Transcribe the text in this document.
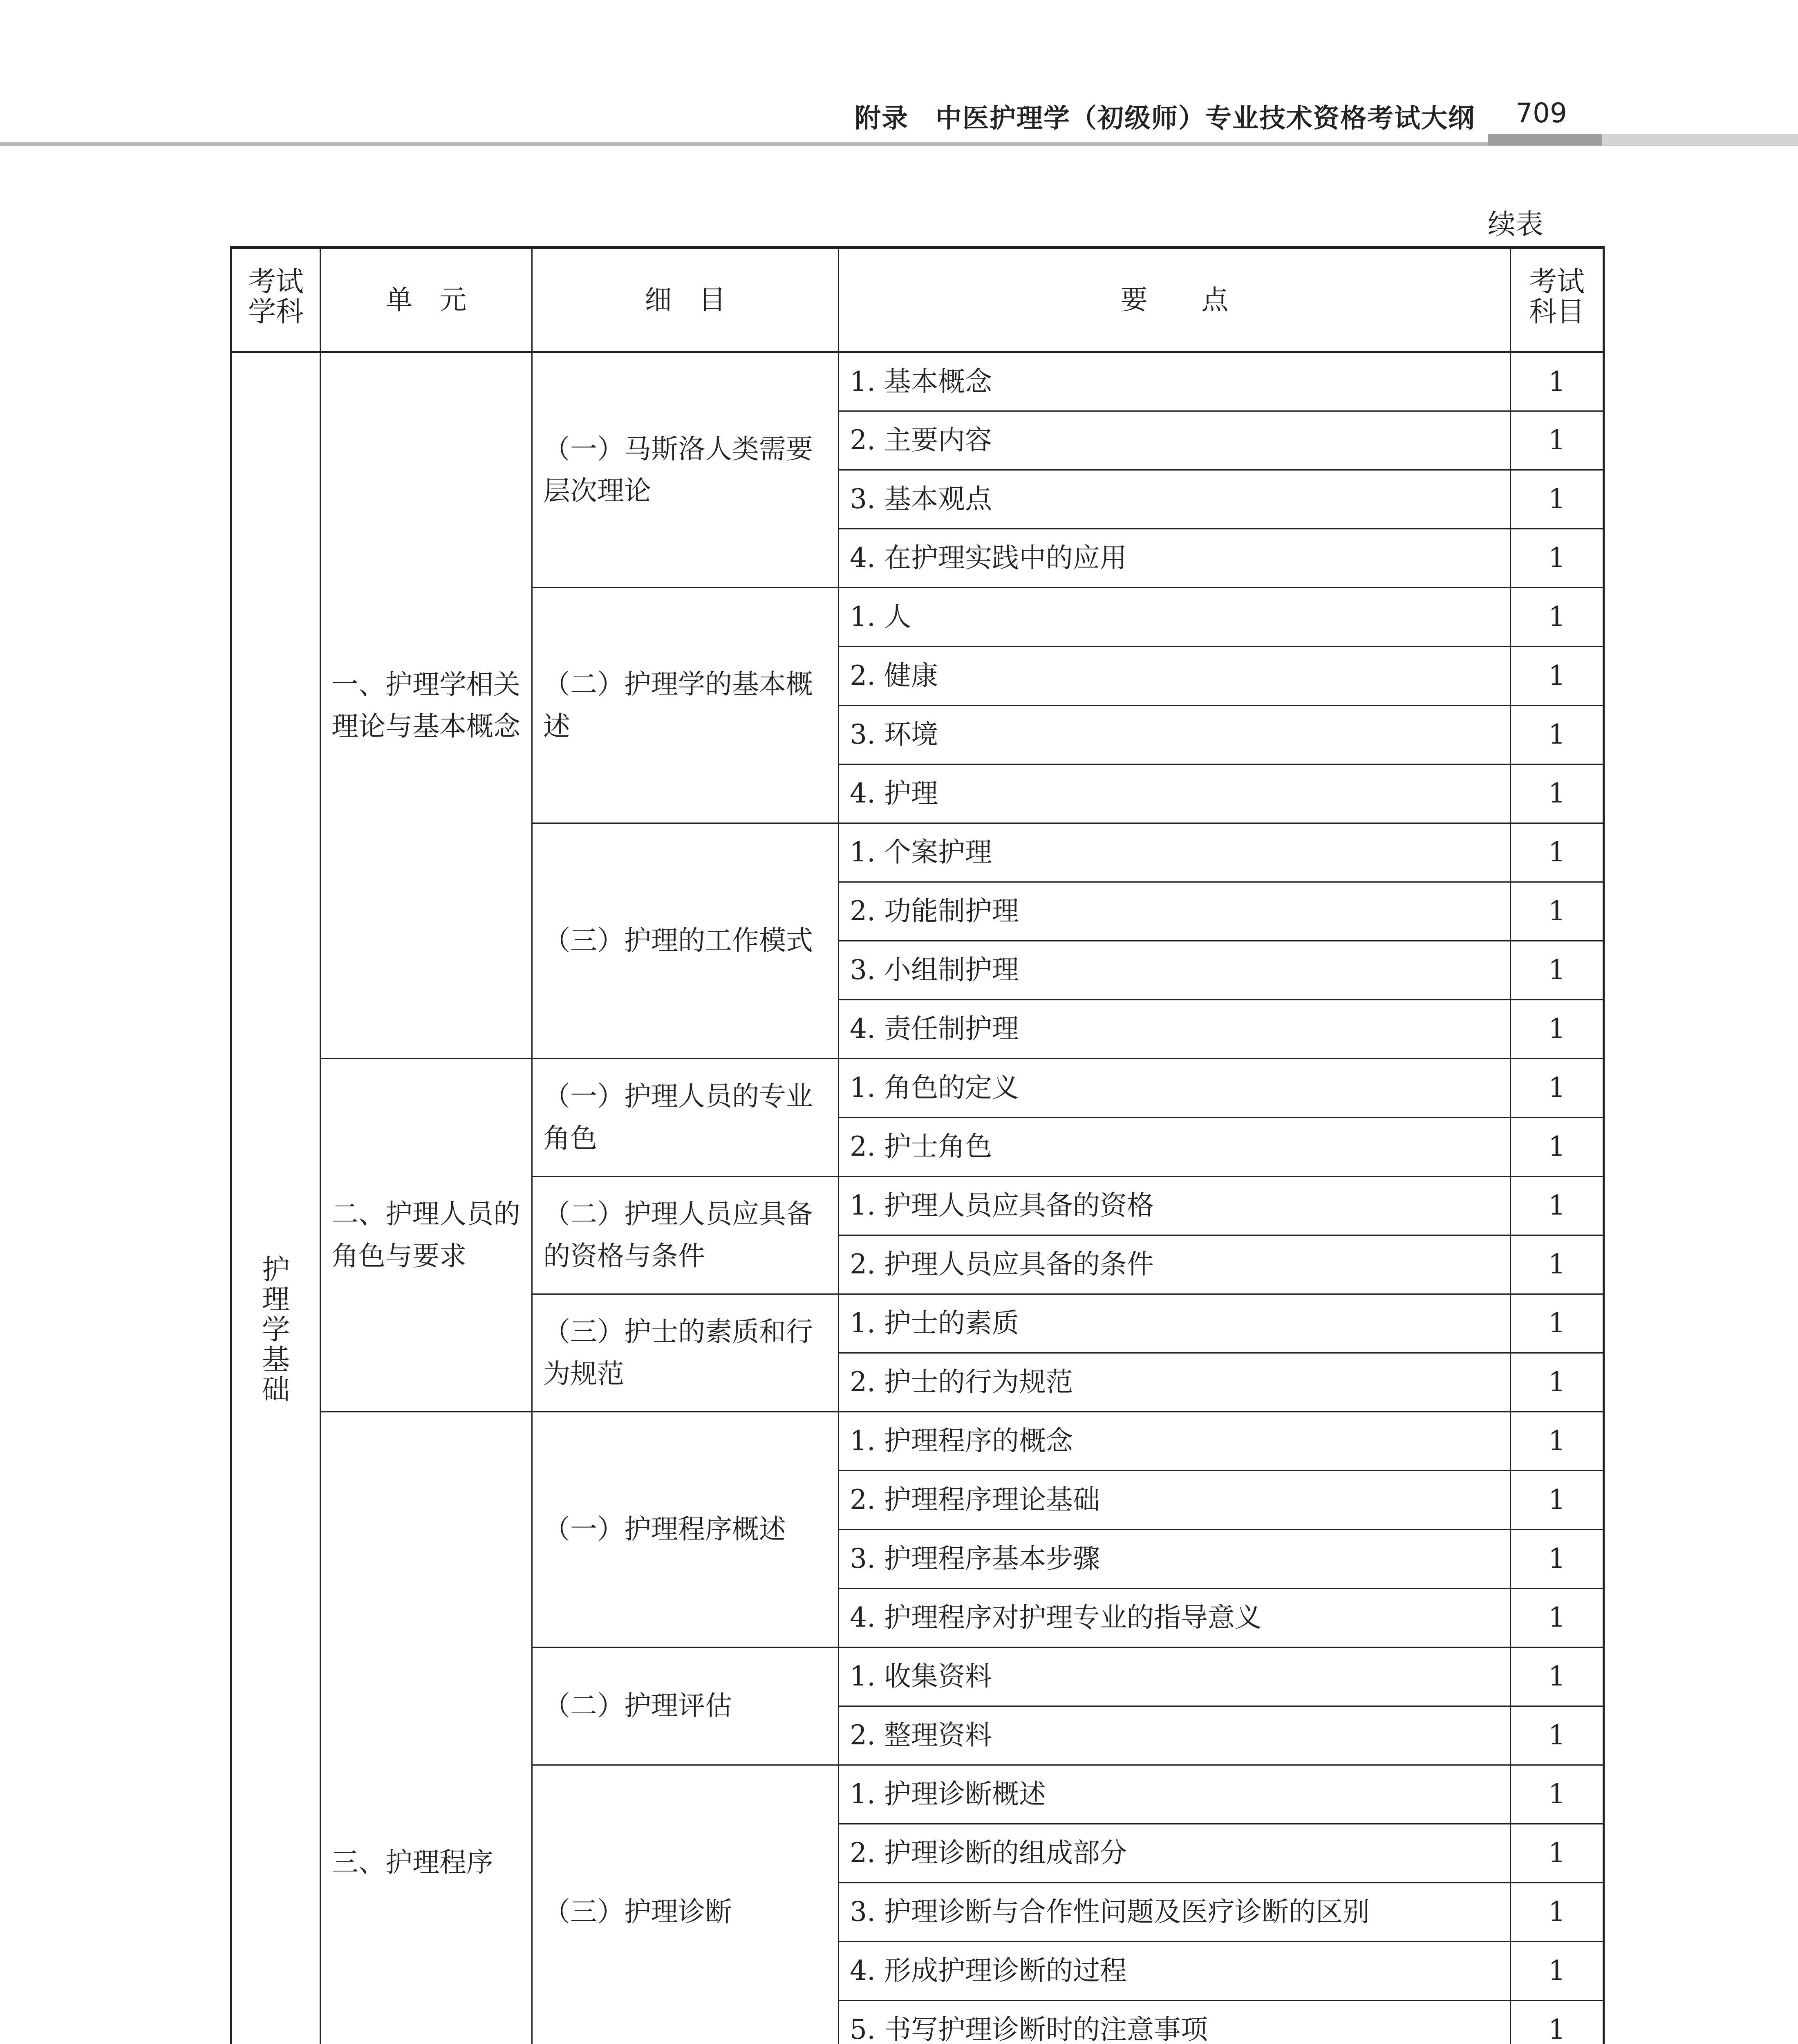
附录　中医护理学（初级师）专业技术资格考试大纲 709
续表
考试学科	单　元	细　目	要　　点	考试科目
护理学基础	一、护理学相关理论与基本概念	（一）马斯洛人类需要层次理论	1. 基本概念	1
			2. 主要内容	1
			3. 基本观点	1
			4. 在护理实践中的应用	1
		（二）护理学的基本概述	1. 人	1
			2. 健康	1
			3. 环境	1
			4. 护理	1
		（三）护理的工作模式	1. 个案护理	1
			2. 功能制护理	1
			3. 小组制护理	1
			4. 责任制护理	1
	二、护理人员的角色与要求	（一）护理人员的专业角色	1. 角色的定义	1
			2. 护士角色	1
		（二）护理人员应具备的资格与条件	1. 护理人员应具备的资格	1
			2. 护理人员应具备的条件	1
		（三）护士的素质和行为规范	1. 护士的素质	1
			2. 护士的行为规范	1
	三、护理程序	（一）护理程序概述	1. 护理程序的概念	1
			2. 护理程序理论基础	1
			3. 护理程序基本步骤	1
			4. 护理程序对护理专业的指导意义	1
		（二）护理评估	1. 收集资料	1
			2. 整理资料	1
		（三）护理诊断	1. 护理诊断概述	1
			2. 护理诊断的组成部分	1
			3. 护理诊断与合作性问题及医疗诊断的区别	1
			4. 形成护理诊断的过程	1
			5. 书写护理诊断时的注意事项	1
